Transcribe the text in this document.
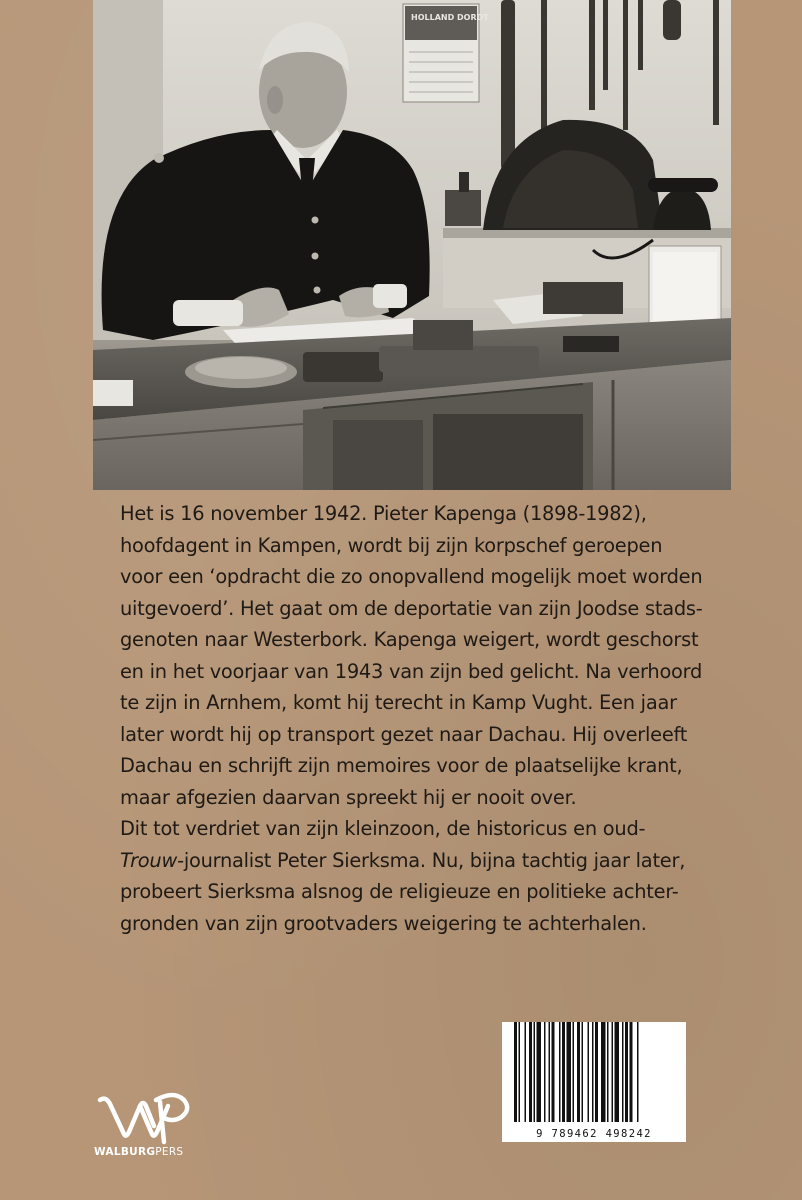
HOLLAND DORDT
Het is 16 november 1942. Pieter Kapenga (1898-1982),
hoofdagent in Kampen, wordt bij zijn korpschef geroepen
voor een ‘opdracht die zo onopvallend mogelijk moet worden
uitgevoerd’. Het gaat om de deportatie van zijn Joodse stads-
genoten naar Westerbork. Kapenga weigert, wordt geschorst
en in het voorjaar van 1943 van zijn bed gelicht. Na verhoord
te zijn in Arnhem, komt hij terecht in Kamp Vught. Een jaar
later wordt hij op transport gezet naar Dachau. Hij overleeft
Dachau en schrijft zijn memoires voor de plaatselijke krant,
maar afgezien daarvan spreekt hij er nooit over.
Dit tot verdriet van zijn kleinzoon, de historicus en oud-
Trouw-journalist Peter Sierksma. Nu, bijna tachtig jaar later,
probeert Sierksma alsnog de religieuze en politieke achter-
gronden van zijn grootvaders weigering te achterhalen.
9 789462 498242
WALBURGPERS
